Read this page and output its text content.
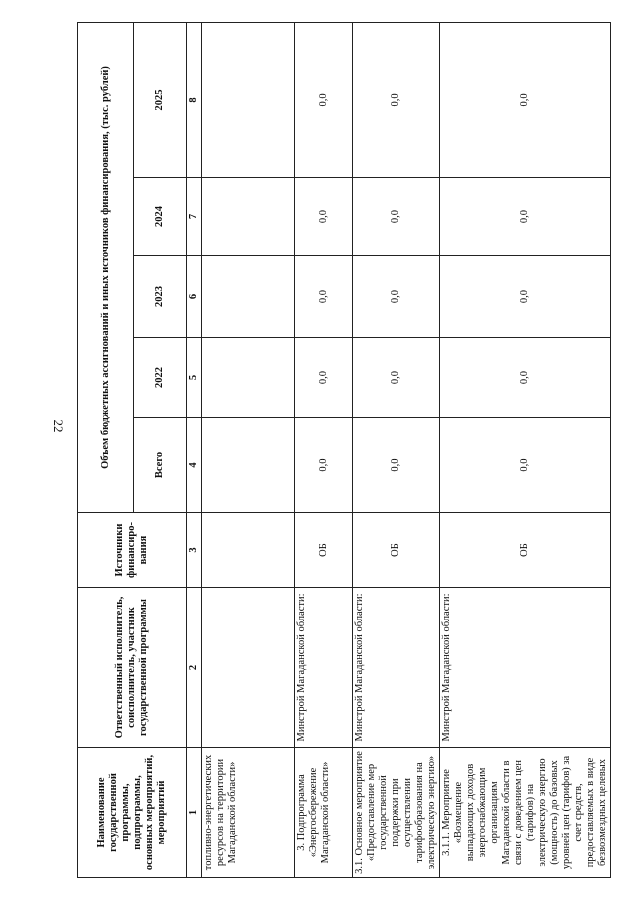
22
Наименование государственной программы, подпрограммы, основных мероприятий, мероприятий	Ответственный исполнитель, соисполнитель, участник государственной программы	Источники финансиро-вания	Объем бюджетных ассигнований и иных источников финансирования, (тыс. рублей)				
			Всего	2022	2023	2024	2025
1	2	3	4	5	6	7	8
топливно-энергетических ресурсов на территории Магаданской области»							
3. Подпрограмма «Энергосбережение Магаданской области»	Минстрой Магаданской области:	ОБ	0,0	0,0	0,0	0,0	0,0
3.1. Основное мероприятие «Предоставление мер государственной поддержки при осуществлении тарифообразования на электрическую энергию»	Минстрой Магаданской области:	ОБ	0,0	0,0	0,0	0,0	0,0
3.1.1. Мероприятие «Возмещение выпадающих доходов энергоснабжающим организациям Магаданской области в связи с доведением цен (тарифов) на электрическую энергию (мощность) до базовых уровней цен (тарифов) за счет средств, предоставляемых в виде безвозмездных целевых	Минстрой Магаданской области:	ОБ	0,0	0,0	0,0	0,0	0,0
